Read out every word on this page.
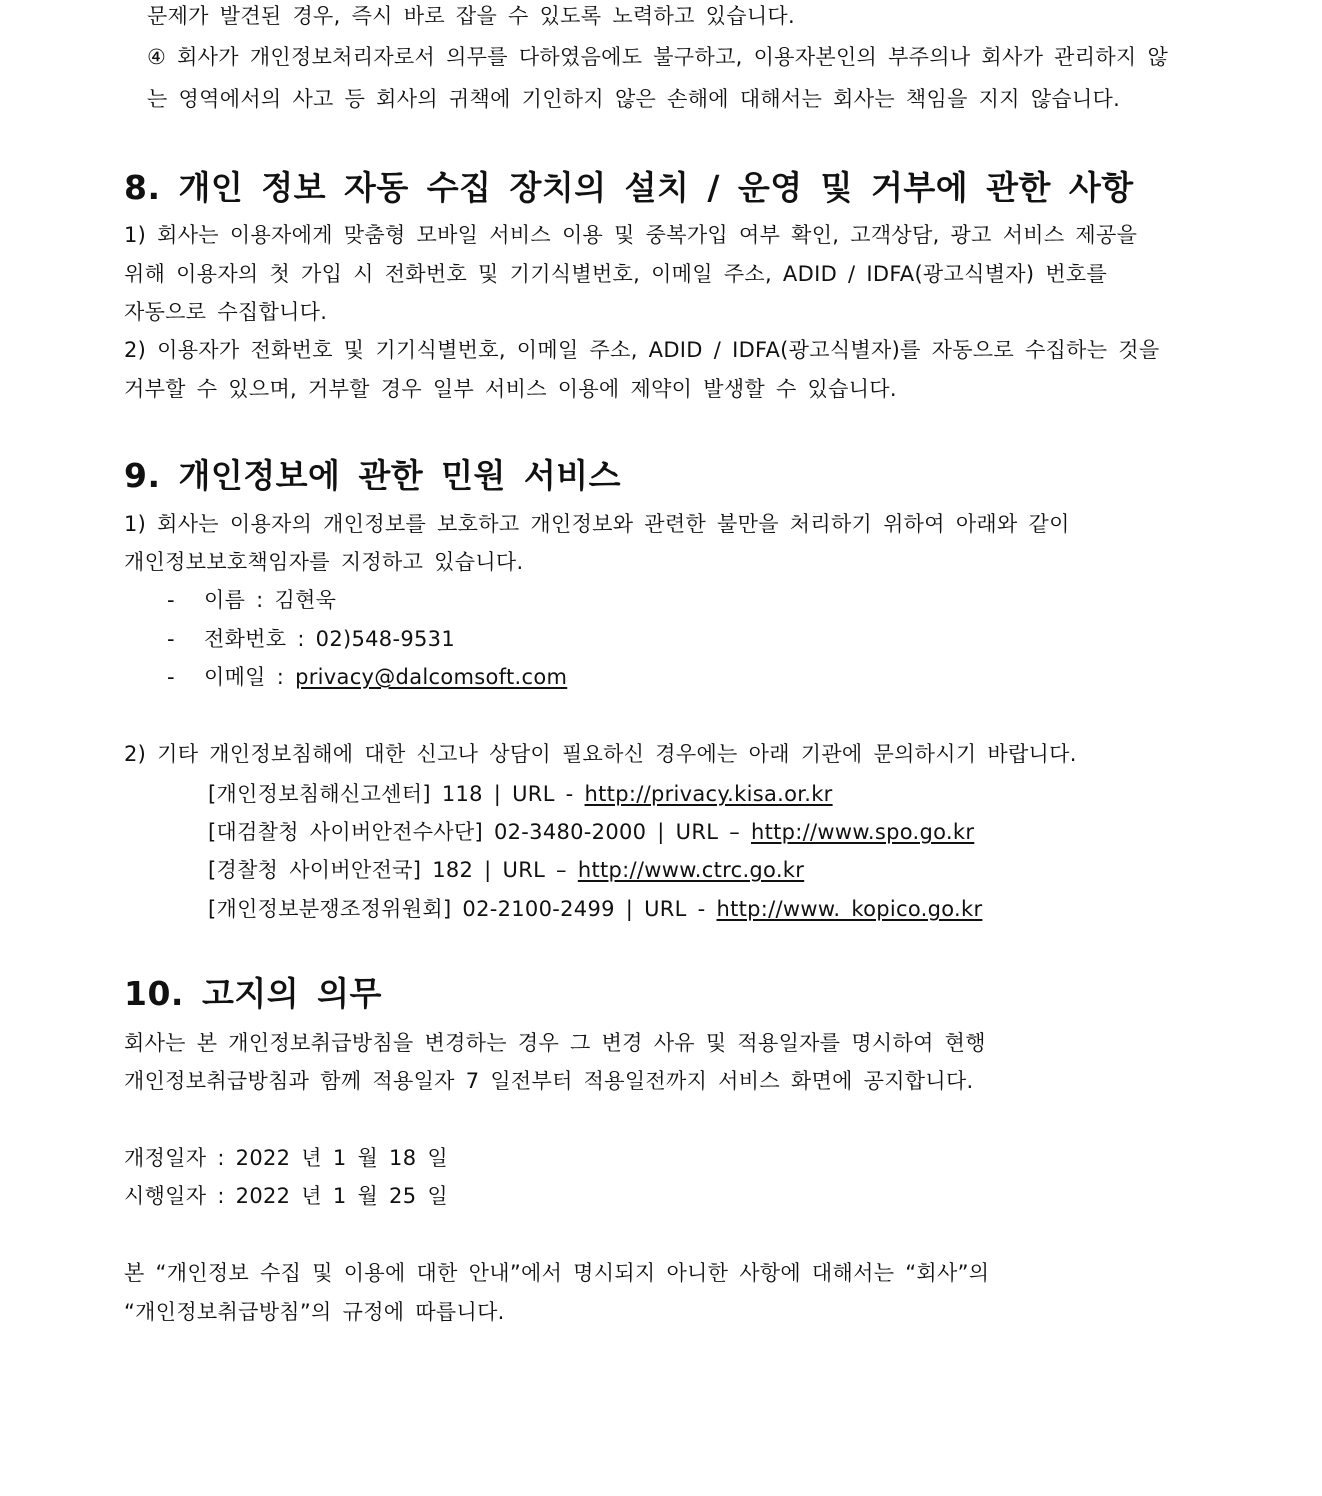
문제가 발견된 경우, 즉시 바로 잡을 수 있도록 노력하고 있습니다.
④ 회사가 개인정보처리자로서 의무를 다하였음에도 불구하고, 이용자본인의 부주의나 회사가 관리하지 않
는 영역에서의 사고 등 회사의 귀책에 기인하지 않은 손해에 대해서는 회사는 책임을 지지 않습니다.
8. 개인 정보 자동 수집 장치의 설치 / 운영 및 거부에 관한 사항
1) 회사는 이용자에게 맞춤형 모바일 서비스 이용 및 중복가입 여부 확인, 고객상담, 광고 서비스 제공을
위해 이용자의 첫 가입 시 전화번호 및 기기식별번호, 이메일 주소, ADID / IDFA(광고식별자) 번호를
자동으로 수집합니다.
2) 이용자가 전화번호 및 기기식별번호, 이메일 주소, ADID / IDFA(광고식별자)를 자동으로 수집하는 것을
거부할 수 있으며, 거부할 경우 일부 서비스 이용에 제약이 발생할 수 있습니다.
9. 개인정보에 관한 민원 서비스
1) 회사는 이용자의 개인정보를 보호하고 개인정보와 관련한 불만을 처리하기 위하여 아래와 같이
개인정보보호책임자를 지정하고 있습니다.
- 이름 : 김현욱
- 전화번호 : 02)548-9531
- 이메일 : privacy@dalcomsoft.com
2) 기타 개인정보침해에 대한 신고나 상담이 필요하신 경우에는 아래 기관에 문의하시기 바랍니다.
[개인정보침해신고센터] 118 | URL - http://privacy.kisa.or.kr
[대검찰청 사이버안전수사단] 02-3480-2000 | URL – http://www.spo.go.kr
[경찰청 사이버안전국] 182 | URL – http://www.ctrc.go.kr
[개인정보분쟁조정위원회] 02-2100-2499 | URL - http://www. kopico.go.kr
10. 고지의 의무
회사는 본 개인정보취급방침을 변경하는 경우 그 변경 사유 및 적용일자를 명시하여 현행
개인정보취급방침과 함께 적용일자 7 일전부터 적용일전까지 서비스 화면에 공지합니다.
개정일자 : 2022 년 1 월 18 일
시행일자 : 2022 년 1 월 25 일
본 “개인정보 수집 및 이용에 대한 안내”에서 명시되지 아니한 사항에 대해서는 “회사”의
“개인정보취급방침”의 규정에 따릅니다.
